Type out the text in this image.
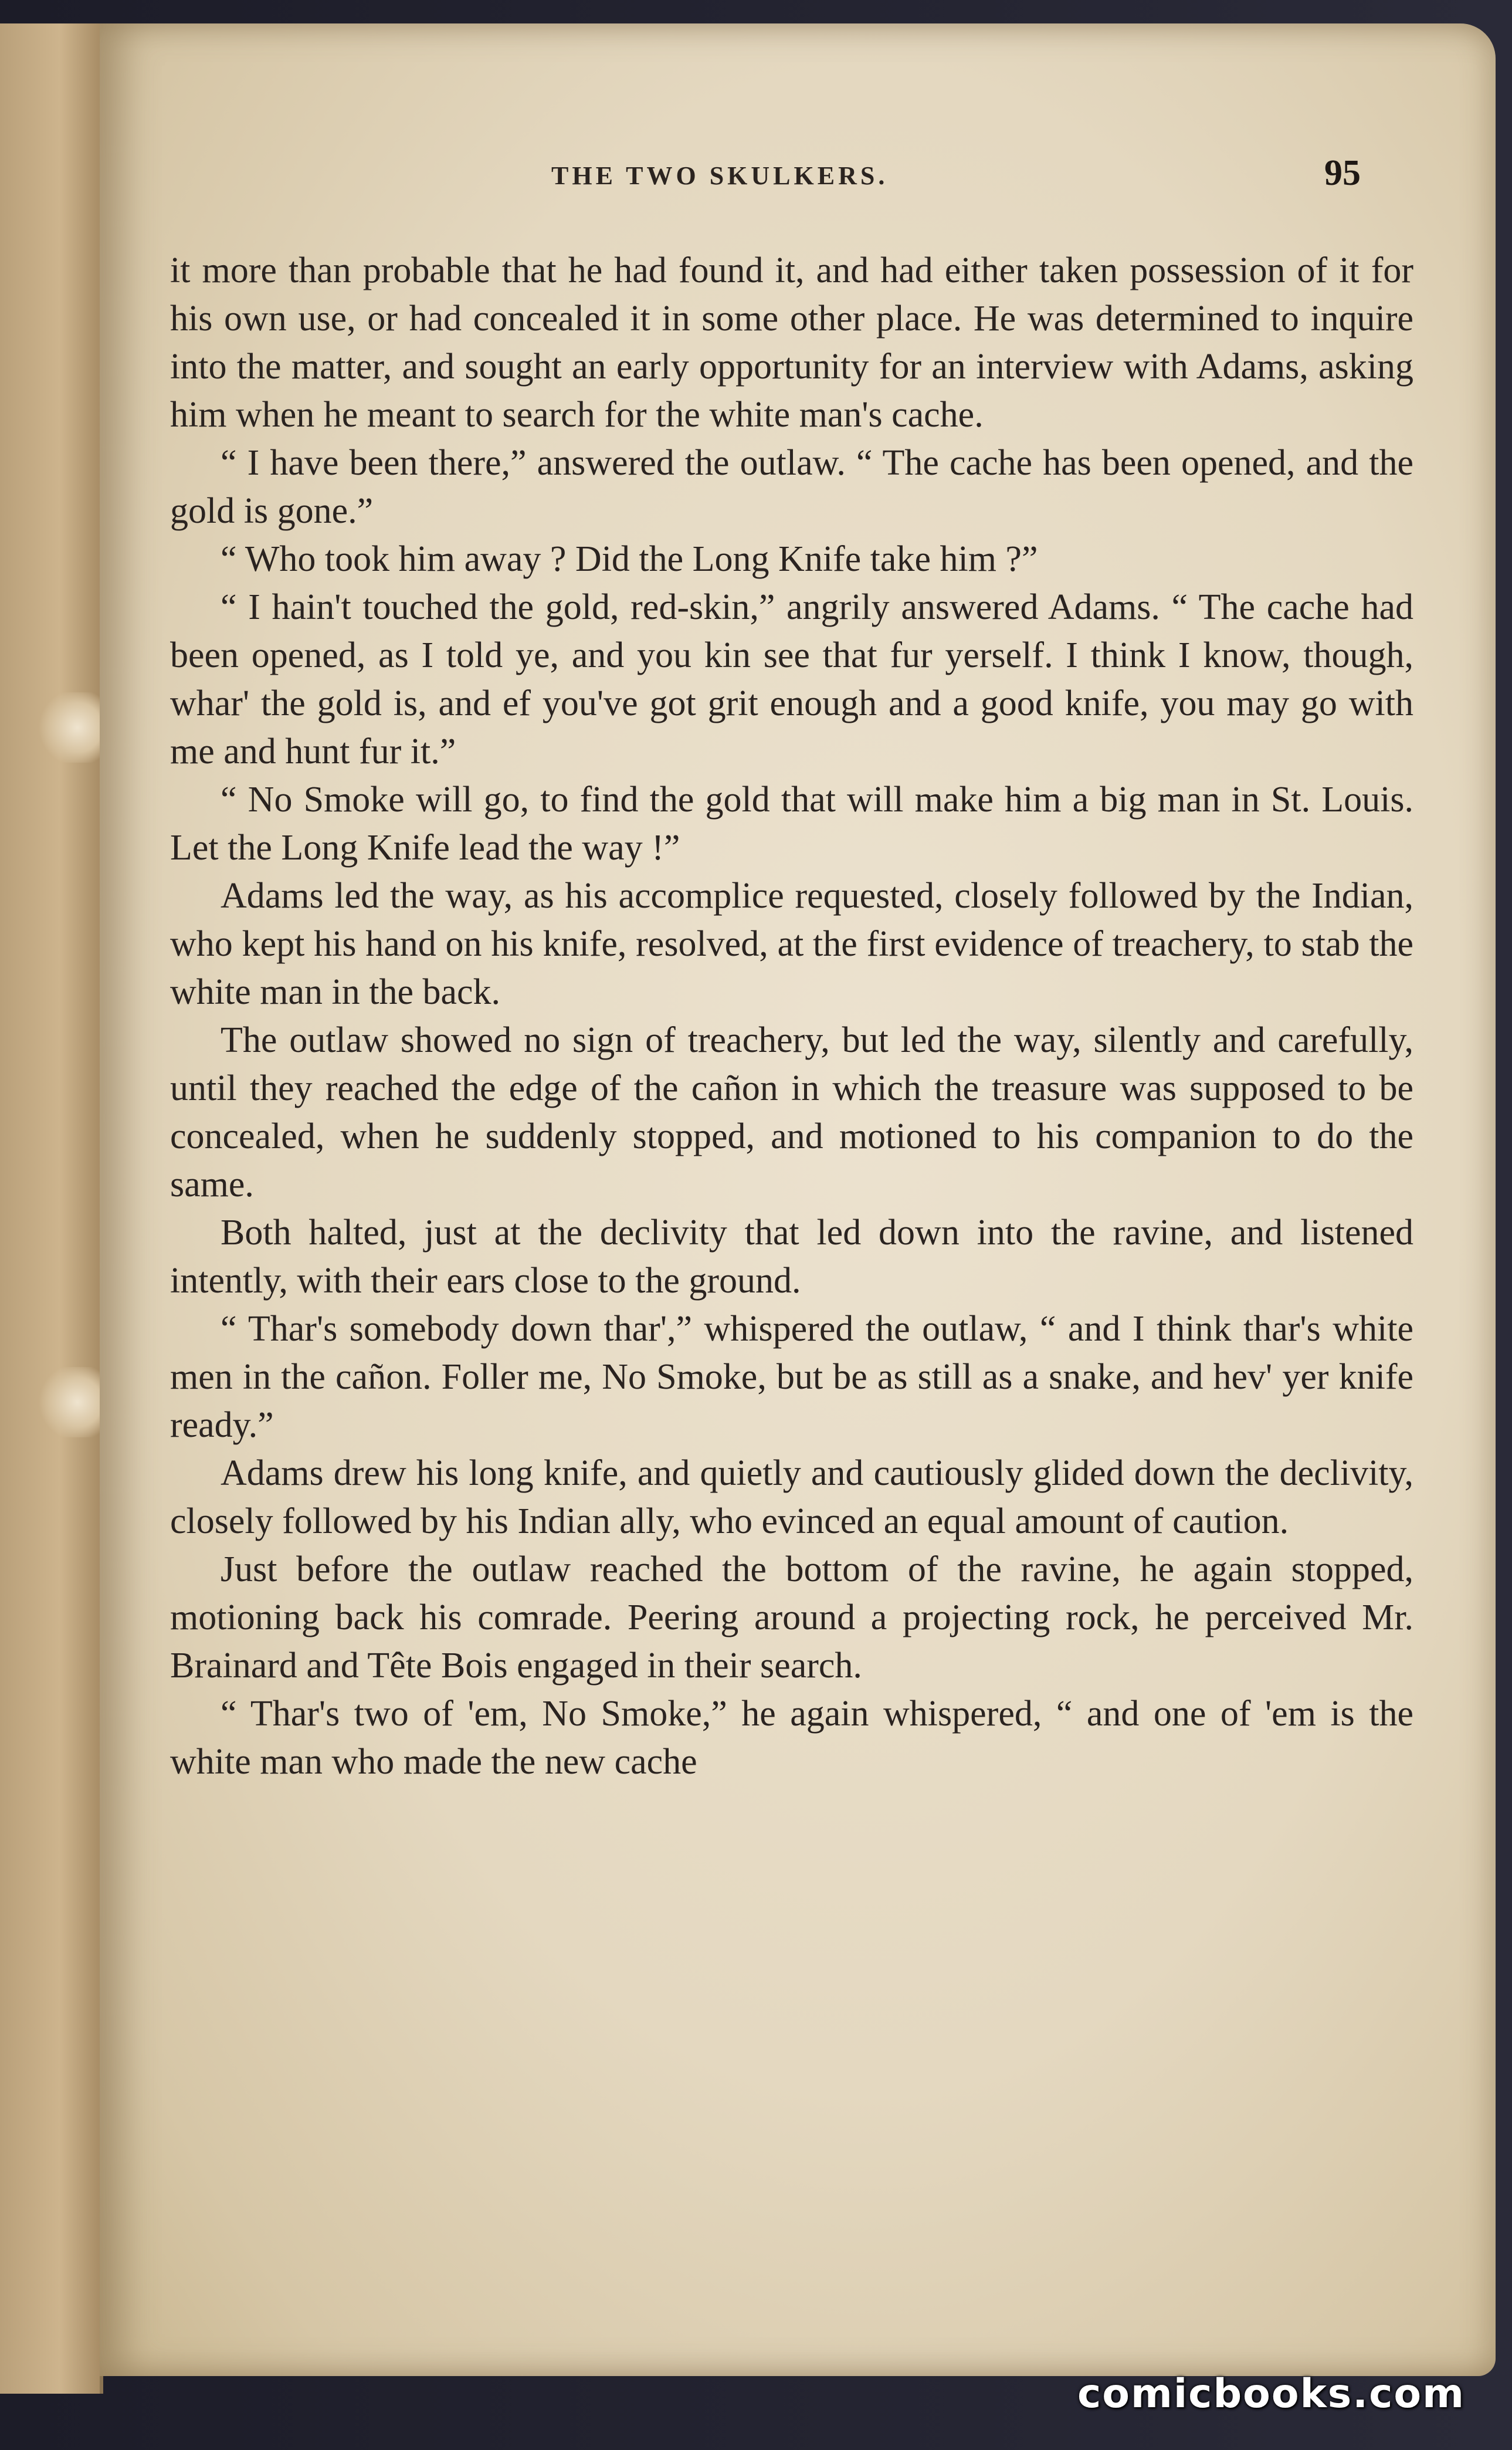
THE TWO SKULKERS.	95

it more than probable that he had found it, and had either taken possession of it for his own use, or had concealed it in some other place. He was determined to inquire into the matter, and sought an early opportunity for an interview with Adams, asking him when he meant to search for the white man's cache.

“ I have been there,” answered the outlaw. “ The cache has been opened, and the gold is gone.”

“ Who took him away ? Did the Long Knife take him ?”

“ I hain't touched the gold, red-skin,” angrily answered Adams. “ The cache had been opened, as I told ye, and you kin see that fur yerself. I think I know, though, whar' the gold is, and ef you've got grit enough and a good knife, you may go with me and hunt fur it.”

“ No Smoke will go, to find the gold that will make him a big man in St. Louis. Let the Long Knife lead the way !”

Adams led the way, as his accomplice requested, closely followed by the Indian, who kept his hand on his knife, resolved, at the first evidence of treachery, to stab the white man in the back.

The outlaw showed no sign of treachery, but led the way, silently and carefully, until they reached the edge of the cañon in which the treasure was supposed to be concealed, when he suddenly stopped, and motioned to his companion to do the same.

Both halted, just at the declivity that led down into the ravine, and listened intently, with their ears close to the ground.

“ Thar's somebody down thar',” whispered the outlaw, “ and I think thar's white men in the cañon. Foller me, No Smoke, but be as still as a snake, and hev' yer knife ready.”

Adams drew his long knife, and quietly and cautiously glided down the declivity, closely followed by his Indian ally, who evinced an equal amount of caution.

Just before the outlaw reached the bottom of the ravine, he again stopped, motioning back his comrade. Peering around a projecting rock, he perceived Mr. Brainard and Tête Bois engaged in their search.

“ Thar's two of 'em, No Smoke,” he again whispered, “ and one of 'em is the white man who made the new cache

comicbooks.com
